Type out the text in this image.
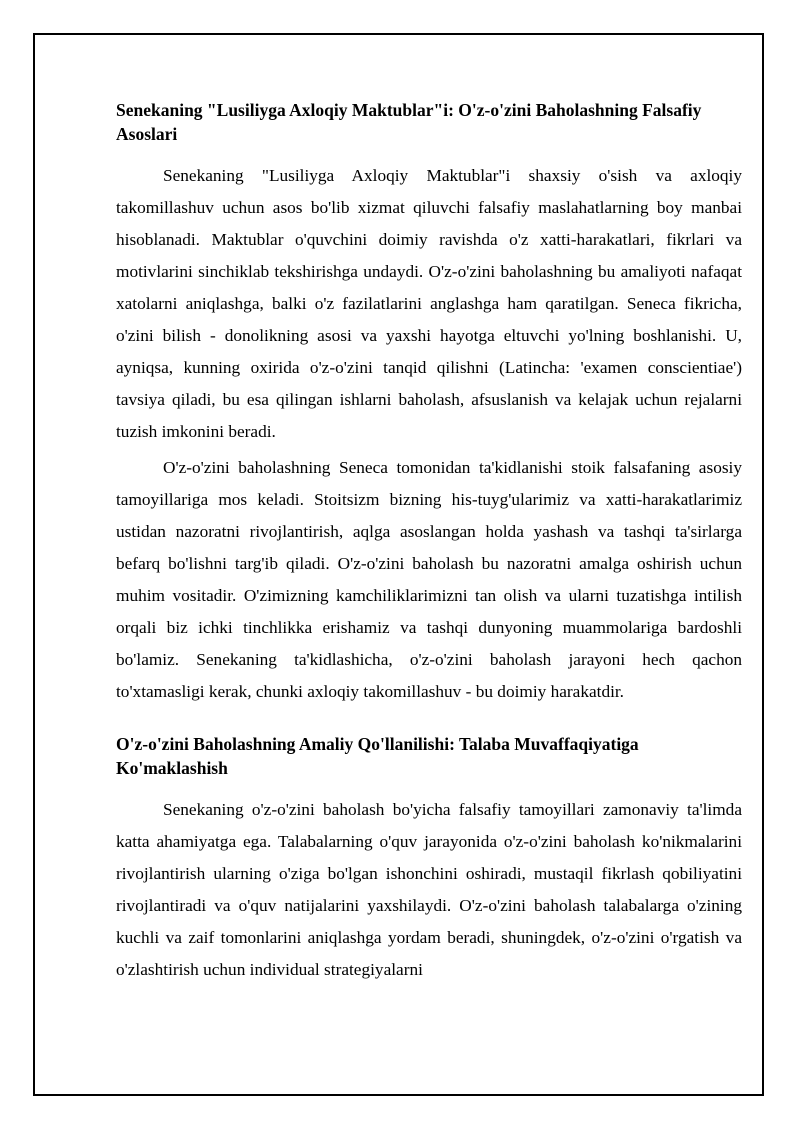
Senekaning "Lusiliyga Axloqiy Maktublar"i: O'z-o'zini Baholashning Falsafiy Asoslari

Senekaning "Lusiliyga Axloqiy Maktublar"i shaxsiy o'sish va axloqiy takomillashuv uchun asos bo'lib xizmat qiluvchi falsafiy maslahatlarning boy manbai hisoblanadi. Maktublar o'quvchini doimiy ravishda o'z xatti-harakatlari, fikrlari va motivlarini sinchiklab tekshirishga undaydi. O'z-o'zini baholashning bu amaliyoti nafaqat xatolarni aniqlashga, balki o'z fazilatlarini anglashga ham qaratilgan. Seneca fikricha, o'zini bilish - donolikning asosi va yaxshi hayotga eltuvchi yo'lning boshlanishi. U, ayniqsa, kunning oxirida o'z-o'zini tanqid qilishni (Latincha: 'examen conscientiae') tavsiya qiladi, bu esa qilingan ishlarni baholash, afsuslanish va kelajak uchun rejalarni tuzish imkonini beradi.

O'z-o'zini baholashning Seneca tomonidan ta'kidlanishi stoik falsafaning asosiy tamoyillariga mos keladi. Stoitsizm bizning his-tuyg'ularimiz va xatti-harakatlarimiz ustidan nazoratni rivojlantirish, aqlga asoslangan holda yashash va tashqi ta'sirlarga befarq bo'lishni targ'ib qiladi. O'z-o'zini baholash bu nazoratni amalga oshirish uchun muhim vositadir. O'zimizning kamchiliklarimizni tan olish va ularni tuzatishga intilish orqali biz ichki tinchlikka erishamiz va tashqi dunyoning muammolariga bardoshli bo'lamiz. Senekaning ta'kidlashicha, o'z-o'zini baholash jarayoni hech qachon to'xtamasligi kerak, chunki axloqiy takomillashuv - bu doimiy harakatdir.

O'z-o'zini Baholashning Amaliy Qo'llanilishi: Talaba Muvaffaqiyatiga Ko'maklashish

Senekaning o'z-o'zini baholash bo'yicha falsafiy tamoyillari zamonaviy ta'limda katta ahamiyatga ega. Talabalarning o'quv jarayonida o'z-o'zini baholash ko'nikmalarini rivojlantirish ularning o'ziga bo'lgan ishonchini oshiradi, mustaqil fikrlash qobiliyatini rivojlantiradi va o'quv natijalarini yaxshilaydi. O'z-o'zini baholash talabalarga o'zining kuchli va zaif tomonlarini aniqlashga yordam beradi, shuningdek, o'z-o'zini o'rgatish va o'zlashtirish uchun individual strategiyalarni
